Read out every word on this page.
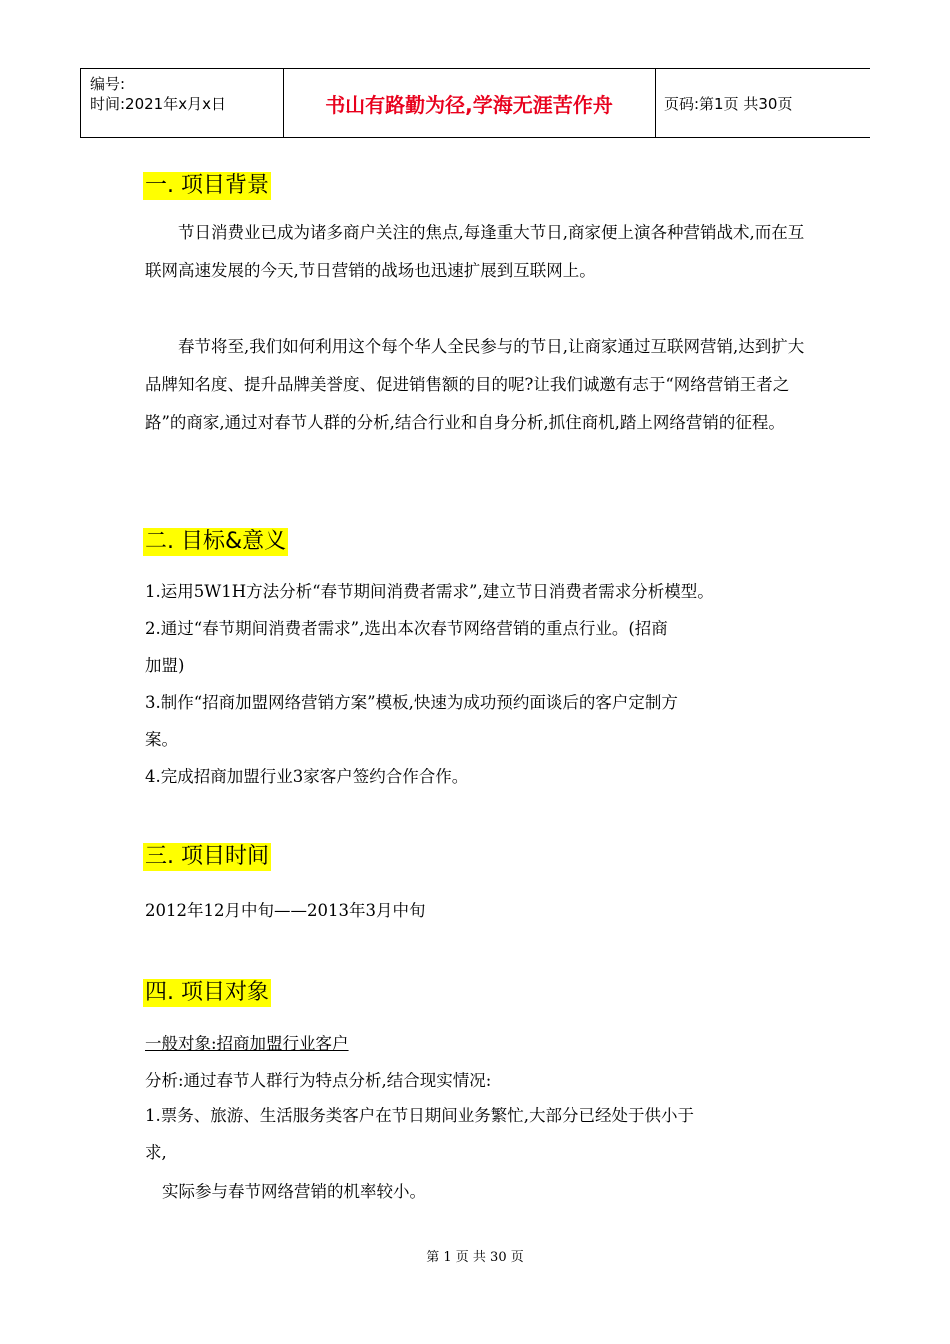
编号:
时间:2021年x月x日	书山有路勤为径,学海无涯苦作舟	页码:第1页 共30页
一. 项目背景
节日消费业已成为诸多商户关注的焦点,每逢重大节日,商家便上演各种营销战术,而在互联网高速发展的今天,节日营销的战场也迅速扩展到互联网上。
春节将至,我们如何利用这个每个华人全民参与的节日,让商家通过互联网营销,达到扩大品牌知名度、提升品牌美誉度、促进销售额的目的呢?让我们诚邀有志于“网络营销王者之路”的商家,通过对春节人群的分析,结合行业和自身分析,抓住商机,踏上网络营销的征程。
二. 目标&意义
1.运用5W1H方法分析“春节期间消费者需求”,建立节日消费者需求分析模型。
2.通过“春节期间消费者需求”,选出本次春节网络营销的重点行业。(招商
加盟)
3.制作“招商加盟网络营销方案”模板,快速为成功预约面谈后的客户定制方
案。
4.完成招商加盟行业3家客户签约合作合作。
三. 项目时间
2012年12月中旬——2013年3月中旬
四. 项目对象
一般对象:招商加盟行业客户
分析:通过春节人群行为特点分析,结合现实情况:
1.票务、旅游、生活服务类客户在节日期间业务繁忙,大部分已经处于供小于
求,
实际参与春节网络营销的机率较小。
第 1 页 共 30 页
